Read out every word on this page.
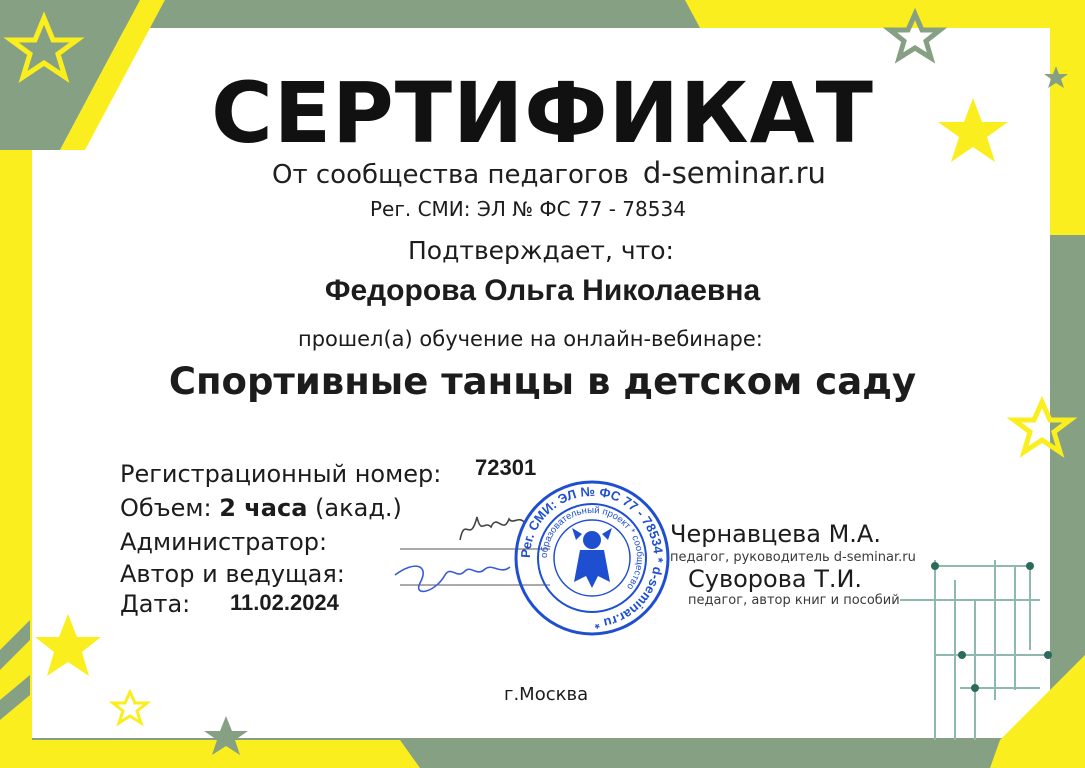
СЕРТИФИКАТ
От сообщества педагогов d-seminar.ru
Рег. СМИ: ЭЛ № ФС 77 - 78534
Подтверждает, что:
Федорова Ольга Николаевна
прошел(а) обучение на онлайн-вебинаре:
Спортивные танцы в детском саду
Регистрационный номер: 72301
Объем: 2 часа (акад.)
Администратор:
Автор и ведущая:
Дата: 11.02.2024
Рег. СМИ: ЭЛ № ФС 77 - 78534 * d-seminar.ru *
образовательный проект * сообщество
Чернавцева М.А.
педагог, руководитель d-seminar.ru
Суворова Т.И.
педагог, автор книг и пособий
г.Москва
